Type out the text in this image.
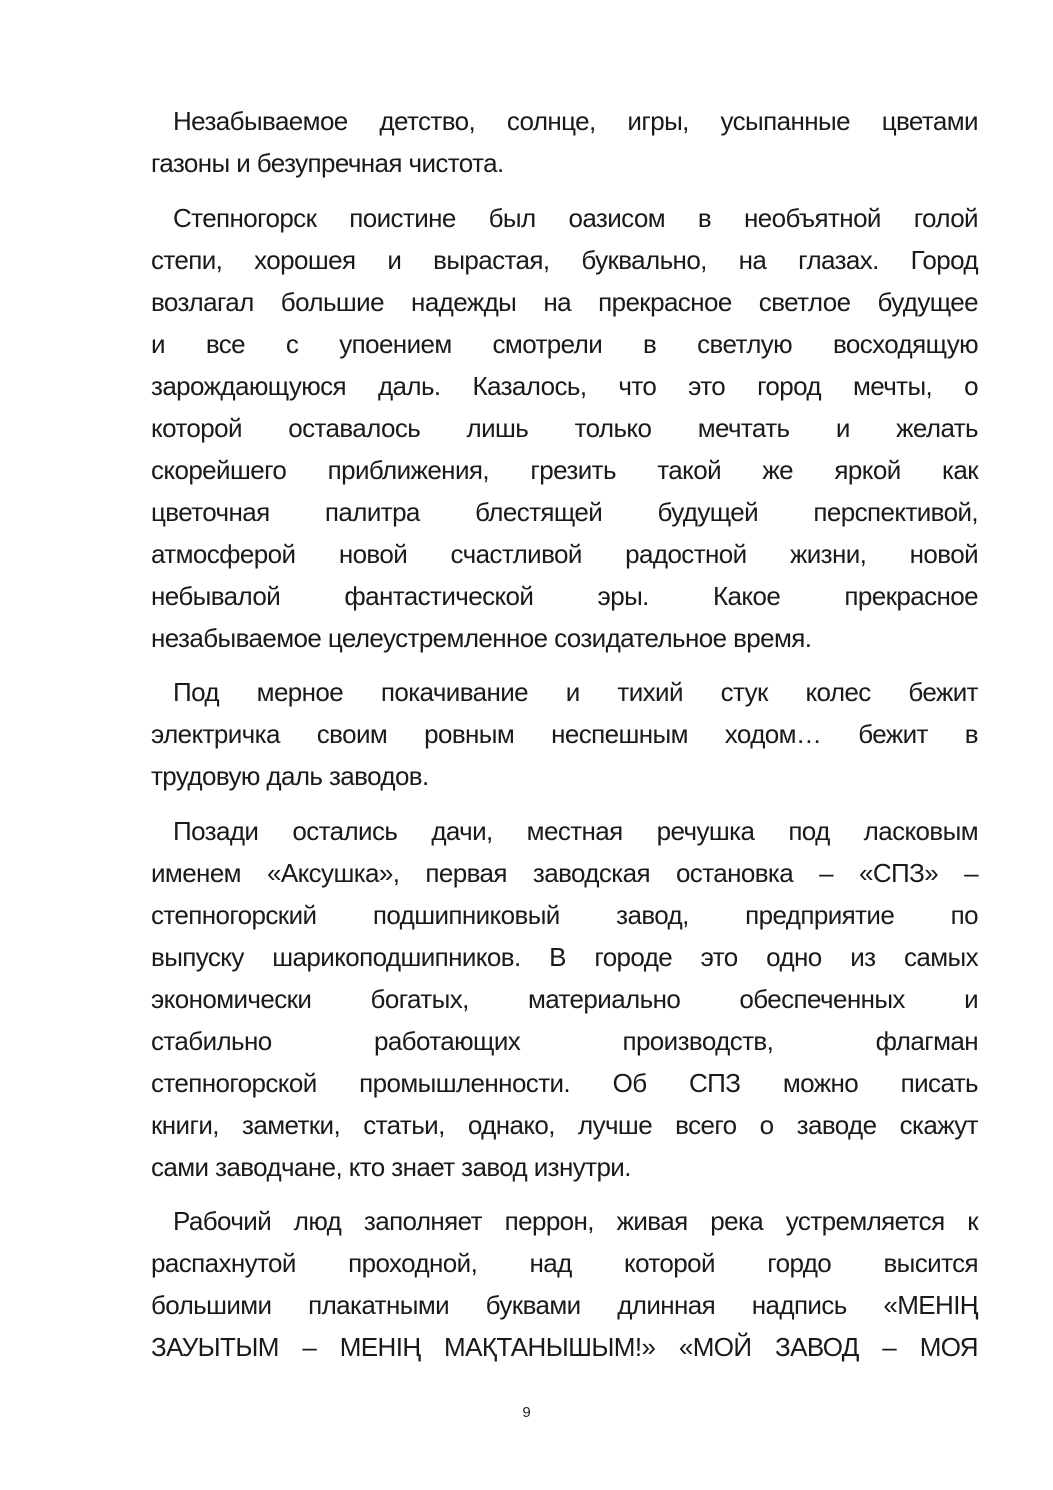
Незабываемое детство, солнце, игры, усыпанные цветами
газоны и безупречная чистота.
Степногорск поистине был оазисом в необъятной голой
степи, хорошея и вырастая, буквально, на глазах. Город
возлагал большие надежды на прекрасное светлое будущее
и все с упоением смотрели в светлую восходящую
зарождающуюся даль. Казалось, что это город мечты, о
которой оставалось лишь только мечтать и желать
скорейшего приближения, грезить такой же яркой как
цветочная палитра блестящей будущей перспективой,
атмосферой новой счастливой радостной жизни, новой
небывалой фантастической эры. Какое прекрасное
незабываемое целеустремленное созидательное время.
Под мерное покачивание и тихий стук колес бежит
электричка своим ровным неспешным ходом… бежит в
трудовую даль заводов.
Позади остались дачи, местная речушка под ласковым
именем «Аксушка», первая заводская остановка – «СПЗ» –
степногорский подшипниковый завод, предприятие по
выпуску шарикоподшипников. В городе это одно из самых
экономически богатых, материально обеспеченных и
стабильно работающих производств, флагман
степногорской промышленности. Об СПЗ можно писать
книги, заметки, статьи, однако, лучше всего о заводе скажут
сами заводчане, кто знает завод изнутри.
Рабочий люд заполняет перрон, живая река устремляется к
распахнутой проходной, над которой гордо высится
большими плакатными буквами длинная надпись «МЕНІҢ
ЗАУЫТЫМ – МЕНІҢ МАҚТАНЫШЫМ!» «МОЙ ЗАВОД – МОЯ
9
